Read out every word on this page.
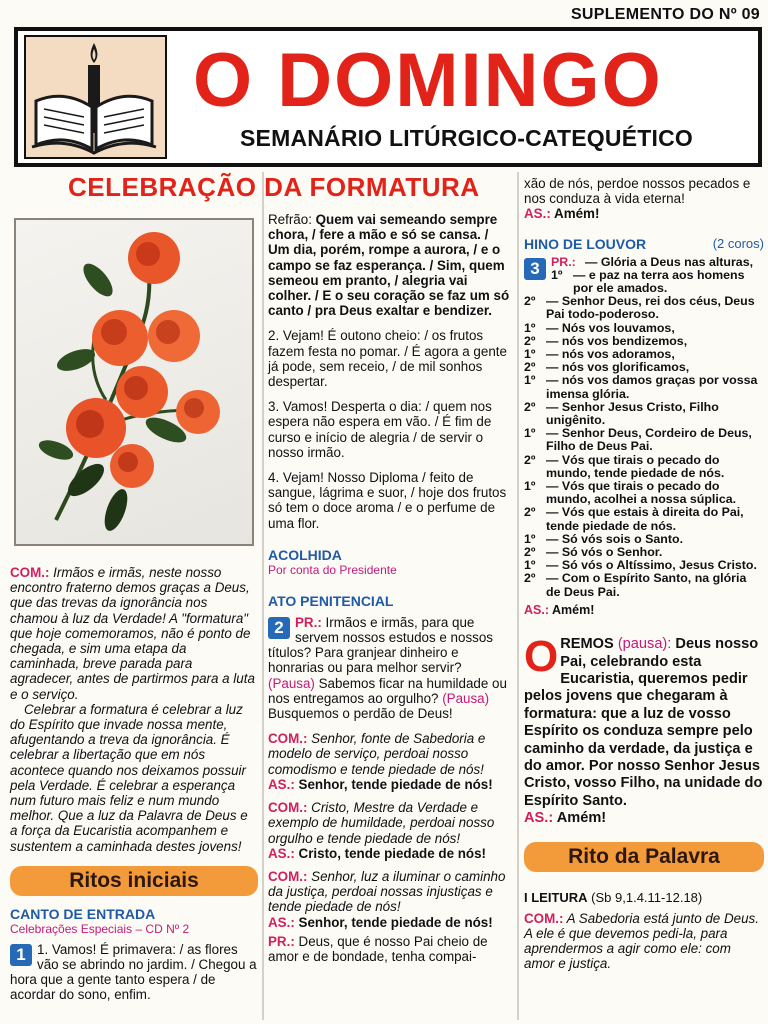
SUPLEMENTO DO Nº 09
O DOMINGO
SEMANÁRIO LITÚRGICO-CATEQUÉTICO
CELEBRAÇÃO DA FORMATURA

COM.: Irmãos e irmãs, neste nosso encontro fraterno demos graças a Deus, que das trevas da ignorância nos chamou à luz da Verdade! A "formatura" que hoje comemoramos, não é ponto de chegada, e sim uma etapa da caminhada, breve parada para agradecer, antes de partirmos para a luta e o serviço.

Celebrar a formatura é celebrar a luz do Espírito que invade nossa mente, afugentando a treva da ignorância. É celebrar a libertação que em nós acontece quando nos deixamos possuir pela Verdade. É celebrar a esperança num futuro mais feliz e num mundo melhor. Que a luz da Palavra de Deus e a força da Eucaristia acompanhem e sustentem a caminhada destes jovens!

Ritos iniciais
CANTO DE ENTRADA
Celebrações Especiais – CD Nº 2
1 1. Vamos! É primavera: / as flores vão se abrindo no jardim. / Chegou a hora que a gente tanto espera / de acordar do sono, enfim.

Refrão: Quem vai semeando sempre chora, / fere a mão e só se cansa. / Um dia, porém, rompe a aurora, / e o campo se faz esperança. / Sim, quem semeou em pranto, / alegria vai colher. / E o seu coração se faz um só canto / pra Deus exaltar e bendizer.

2. Vejam! É outono cheio: / os frutos fazem festa no pomar. / É agora a gente já pode, sem receio, / de mil sonhos despertar.

3. Vamos! Desperta o dia: / quem nos espera não espera em vão. / É fim de curso e início de alegria / de servir o nosso irmão.

4. Vejam! Nosso Diploma / feito de sangue, lágrima e suor, / hoje dos frutos só tem o doce aroma / e o perfume de uma flor.

ACOLHIDA
Por conta do Presidente
ATO PENITENCIAL
2 PR.: Irmãos e irmãs, para que servem nossos estudos e nossos títulos? Para granjear dinheiro e honrarias ou para melhor servir? (Pausa) Sabemos ficar na humildade ou nos entregamos ao orgulho? (Pausa) Busquemos o perdão de Deus!

COM.: Senhor, fonte de Sabedoria e modelo de serviço, perdoai nosso comodismo e tende piedade de nós!

AS.: Senhor, tende piedade de nós!

COM.: Cristo, Mestre da Verdade e exemplo de humildade, perdoai nosso orgulho e tende piedade de nós!

AS.: Cristo, tende piedade de nós!

COM.: Senhor, luz a iluminar o caminho da justiça, perdoai nossas injustiças e tende piedade de nós!

AS.: Senhor, tende piedade de nós!

PR.: Deus, que é nosso Pai cheio de amor e de bondade, tenha compai-

xão de nós, perdoe nossos pecados e nos conduza à vida eterna!

AS.: Amém!

HINO DE LOUVOR	(2 coros)
3 PR.: — Glória a Deus nas alturas,
1º — e paz na terra aos homens por ele amados.
2º — Senhor Deus, rei dos céus, Deus Pai todo-poderoso.
1º — Nós vos louvamos,
2º — nós vos bendizemos,
1º — nós vos adoramos,
2º — nós vos glorificamos,
1º — nós vos damos graças por vossa imensa glória.
2º — Senhor Jesus Cristo, Filho unigênito.
1º — Senhor Deus, Cordeiro de Deus, Filho de Deus Pai.
2º — Vós que tirais o pecado do mundo, tende piedade de nós.
1º — Vós que tirais o pecado do mundo, acolhei a nossa súplica.
2º — Vós que estais à direita do Pai, tende piedade de nós.
1º — Só vós sois o Santo.
2º — Só vós o Senhor.
1º — Só vós o Altíssimo, Jesus Cristo.
2º — Com o Espírito Santo, na glória de Deus Pai.

AS.: Amém!

OREMOS (pausa): Deus nosso Pai, celebrando esta Eucaristia, queremos pedir pelos jovens que chegaram à formatura: que a luz de vosso Espírito os conduza sempre pelo caminho da verdade, da justiça e do amor. Por nosso Senhor Jesus Cristo, vosso Filho, na unidade do Espírito Santo.

AS.: Amém!

Rito da Palavra

I LEITURA (Sb 9,1.4.11-12.18)

COM.: A Sabedoria está junto de Deus. A ele é que devemos pedi-la, para aprendermos a agir como ele: com amor e justiça.
